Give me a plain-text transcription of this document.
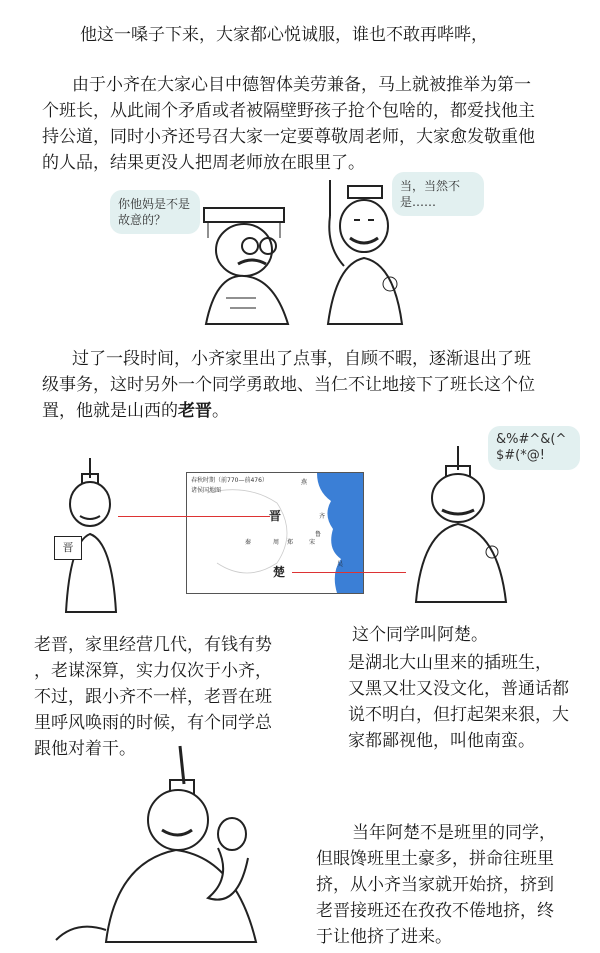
他这一嗓子下来，大家都心悦诚服，谁也不敢再哔哔，

由于小齐在大家心目中德智体美劳兼备，马上就被推举为第一

个班长，从此闹个矛盾或者被隔壁野孩子抢个包啥的，都爱找他主

持公道，同时小齐还号召大家一定要尊敬周老师，大家愈发敬重他

的人品，结果更没人把周老师放在眼里了。

你他妈是不是故意的？
当，当然不是……

过了一段时间，小齐家里出了点事，自顾不暇，逐渐退出了班

级事务，这时另外一个同学勇敢地、当仁不让地接下了班长这个位

置，他就是山西的老晋。

晋
春秋时期（前770—前476）
诸侯国地图
晋
楚
齐
鲁
宋
郑
周
秦
吴
燕
&%#^&(^
$#(*@!

老晋，家里经营几代，有钱有势

，老谋深算，实力仅次于小齐，

不过，跟小齐不一样，老晋在班

里呼风唤雨的时候，有个同学总

跟他对着干。

这个同学叫阿楚。

是湖北大山里来的插班生，

又黑又壮又没文化，普通话都

说不明白，但打起架来狠，大

家都鄙视他，叫他南蛮。

当年阿楚不是班里的同学，

但眼馋班里土豪多，拼命往班里

挤，从小齐当家就开始挤，挤到

老晋接班还在孜孜不倦地挤，终

于让他挤了进来。
